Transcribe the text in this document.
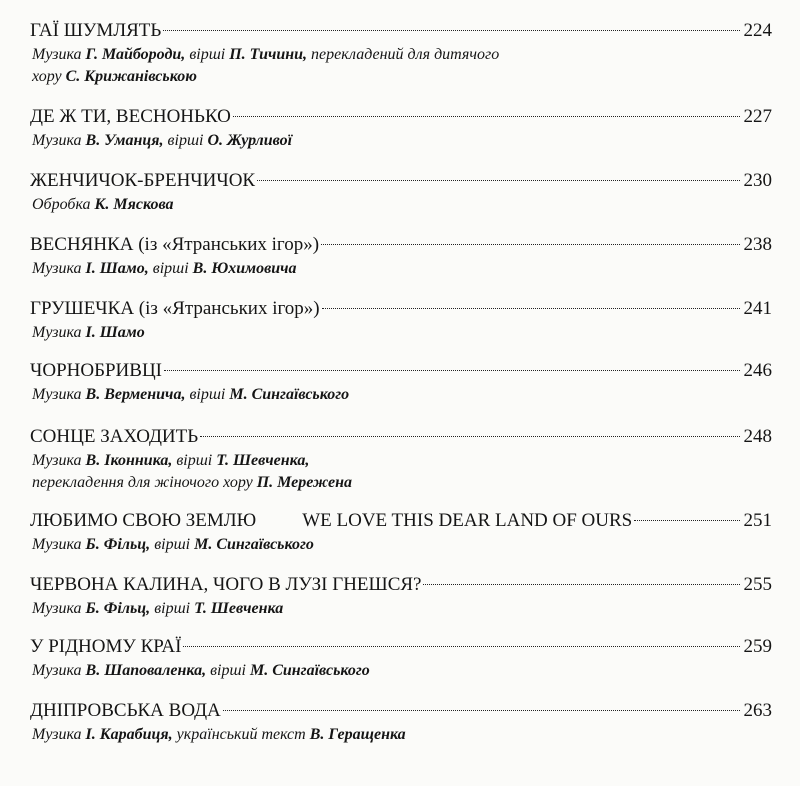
ГАЇ ШУМЛЯТЬ	224
Музика Г. Майбороди, вірші П. Тичини, перекладений для дитячого
хору С. Крижанівською
ДЕ Ж ТИ, ВЕСНОНЬКО	227
Музика В. Уманця, вірші О. Журливої
ЖЕНЧИЧОК-БРЕНЧИЧОК	230
Обробка К. Мяскова
ВЕСНЯНКА (із «Ятранських ігор»)	238
Музика І. Шамо, вірші В. Юхимовича
ГРУШЕЧКА (із «Ятранських ігор»)	241
Музика І. Шамо
ЧОРНОБРИВЦІ	246
Музика В. Верменича, вірші М. Сингаївського
СОНЦЕ ЗАХОДИТЬ	248
Музика В. Іконника, вірші Т. Шевченка,
перекладення для жіночого хору П. Мережена
ЛЮБИМО СВОЮ ЗЕМЛЮ WE LOVE THIS DEAR LAND OF OURS	251
Музика Б. Фільц, вірші М. Сингаївського
ЧЕРВОНА КАЛИНА, ЧОГО В ЛУЗІ ГНЕШСЯ?	255
Музика Б. Фільц, вірші Т. Шевченка
У РІДНОМУ КРАЇ	259
Музика В. Шаповаленка, вірші М. Сингаївського
ДНІПРОВСЬКА ВОДА	263
Музика І. Карабиця, український текст В. Геращенка
